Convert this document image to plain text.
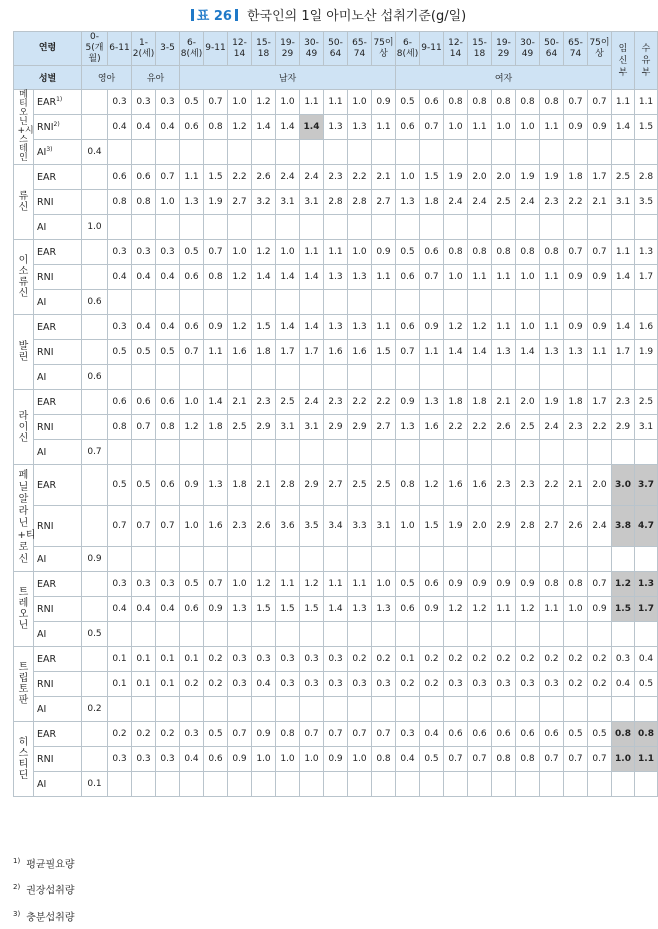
표 26 한국인의 1일 아미노산 섭취기준(g/일)
연령		0-5(개월)	6-11	1-2(세)	3-5	6-8(세)	9-11	12-14	15-18	19-29	30-49	50-64	65-74	75이상	6-8(세)	9-11	12-14	15-18	19-29	30-49	50-64	65-74	75이상	임신부	수유부
성별		영아		유아		남자									여자										
메티오닌+시스테인	EAR$^{1)}$		0.3	0.3	0.3	0.5	0.7	1.0	1.2	1.0	1.1	1.1	1.0	0.9	0.5	0.6	0.8	0.8	0.8	0.8	0.8	0.7	0.7	1.1	1.1
	RNI$^{2)}$		0.4	0.4	0.4	0.6	0.8	1.2	1.4	1.4	1.4	1.3	1.3	1.1	0.6	0.7	1.0	1.1	1.0	1.0	1.1	0.9	0.9	1.4	1.5
	AI$^{3)}$	0.4																							
류신	EAR		0.6	0.6	0.7	1.1	1.5	2.2	2.6	2.4	2.4	2.3	2.2	2.1	1.0	1.5	1.9	2.0	2.0	1.9	1.9	1.8	1.7	2.5	2.8
	RNI		0.8	0.8	1.0	1.3	1.9	2.7	3.2	3.1	3.1	2.8	2.8	2.7	1.3	1.8	2.4	2.4	2.5	2.4	2.3	2.2	2.1	3.1	3.5
	AI	1.0																							
이소류신	EAR		0.3	0.3	0.3	0.5	0.7	1.0	1.2	1.0	1.1	1.1	1.0	0.9	0.5	0.6	0.8	0.8	0.8	0.8	0.8	0.7	0.7	1.1	1.3
	RNI		0.4	0.4	0.4	0.6	0.8	1.2	1.4	1.4	1.4	1.3	1.3	1.1	0.6	0.7	1.0	1.1	1.1	1.0	1.1	0.9	0.9	1.4	1.7
	AI	0.6																							
발린	EAR		0.3	0.4	0.4	0.6	0.9	1.2	1.5	1.4	1.4	1.3	1.3	1.1	0.6	0.9	1.2	1.2	1.1	1.0	1.1	0.9	0.9	1.4	1.6
	RNI		0.5	0.5	0.5	0.7	1.1	1.6	1.8	1.7	1.7	1.6	1.6	1.5	0.7	1.1	1.4	1.4	1.3	1.4	1.3	1.3	1.1	1.7	1.9
	AI	0.6																							
라이신	EAR		0.6	0.6	0.6	1.0	1.4	2.1	2.3	2.5	2.4	2.3	2.2	2.2	0.9	1.3	1.8	1.8	2.1	2.0	1.9	1.8	1.7	2.3	2.5
	RNI		0.8	0.7	0.8	1.2	1.8	2.5	2.9	3.1	3.1	2.9	2.9	2.7	1.3	1.6	2.2	2.2	2.6	2.5	2.4	2.3	2.2	2.9	3.1
	AI	0.7																							
페닐알라닌+티로신	EAR		0.5	0.5	0.6	0.9	1.3	1.8	2.1	2.8	2.9	2.7	2.5	2.5	0.8	1.2	1.6	1.6	2.3	2.3	2.2	2.1	2.0	3.0	3.7
	RNI		0.7	0.7	0.7	1.0	1.6	2.3	2.6	3.6	3.5	3.4	3.3	3.1	1.0	1.5	1.9	2.0	2.9	2.8	2.7	2.6	2.4	3.8	4.7
	AI	0.9																							
트레오닌	EAR		0.3	0.3	0.3	0.5	0.7	1.0	1.2	1.1	1.2	1.1	1.1	1.0	0.5	0.6	0.9	0.9	0.9	0.9	0.8	0.8	0.7	1.2	1.3
	RNI		0.4	0.4	0.4	0.6	0.9	1.3	1.5	1.5	1.5	1.4	1.3	1.3	0.6	0.9	1.2	1.2	1.1	1.2	1.1	1.0	0.9	1.5	1.7
	AI	0.5																							
트립토판	EAR		0.1	0.1	0.1	0.1	0.2	0.3	0.3	0.3	0.3	0.3	0.2	0.2	0.1	0.2	0.2	0.2	0.2	0.2	0.2	0.2	0.2	0.3	0.4
	RNI		0.1	0.1	0.1	0.2	0.2	0.3	0.4	0.3	0.3	0.3	0.3	0.3	0.2	0.2	0.3	0.3	0.3	0.3	0.3	0.2	0.2	0.4	0.5
	AI	0.2																							
히스티딘	EAR		0.2	0.2	0.2	0.3	0.5	0.7	0.9	0.8	0.7	0.7	0.7	0.7	0.3	0.4	0.6	0.6	0.6	0.6	0.6	0.5	0.5	0.8	0.8
	RNI		0.3	0.3	0.3	0.4	0.6	0.9	1.0	1.0	1.0	0.9	1.0	0.8	0.4	0.5	0.7	0.7	0.8	0.8	0.7	0.7	0.7	1.0	1.1
	AI	0.1																							
$^{1)}$ 평균필요량
$^{2)}$ 권장섭취량
$^{3)}$ 충분섭취량
